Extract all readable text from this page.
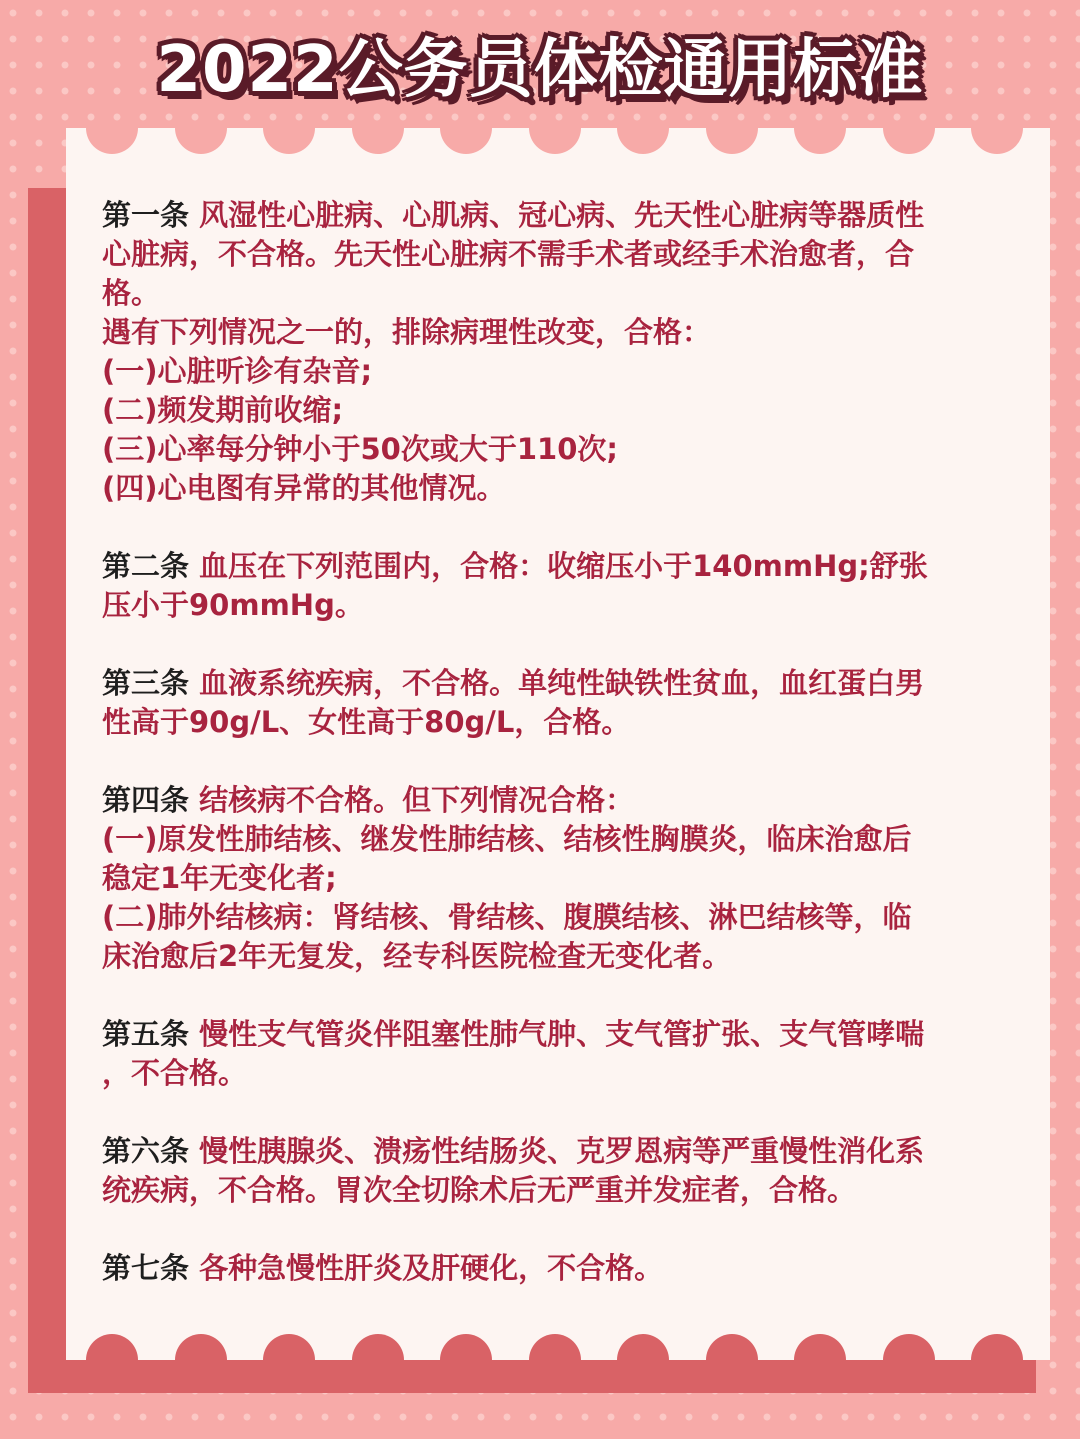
2022公务员体检通用标准
第一条 风湿性心脏病、心肌病、冠心病、先天性心脏病等器质性
心脏病，不合格。先天性心脏病不需手术者或经手术治愈者，合
格。
遇有下列情况之一的，排除病理性改变，合格：
(一)心脏听诊有杂音;
(二)频发期前收缩;
(三)心率每分钟小于50次或大于110次;
(四)心电图有异常的其他情况。
第二条 血压在下列范围内，合格：收缩压小于140mmHg;舒张
压小于90mmHg。
第三条 血液系统疾病，不合格。单纯性缺铁性贫血，血红蛋白男
性高于90g/L、女性高于80g/L，合格。
第四条 结核病不合格。但下列情况合格：
(一)原发性肺结核、继发性肺结核、结核性胸膜炎，临床治愈后
稳定1年无变化者;
(二)肺外结核病：肾结核、骨结核、腹膜结核、淋巴结核等，临
床治愈后2年无复发，经专科医院检查无变化者。
第五条 慢性支气管炎伴阻塞性肺气肿、支气管扩张、支气管哮喘
，不合格。
第六条 慢性胰腺炎、溃疡性结肠炎、克罗恩病等严重慢性消化系
统疾病，不合格。胃次全切除术后无严重并发症者，合格。
第七条 各种急慢性肝炎及肝硬化，不合格。
